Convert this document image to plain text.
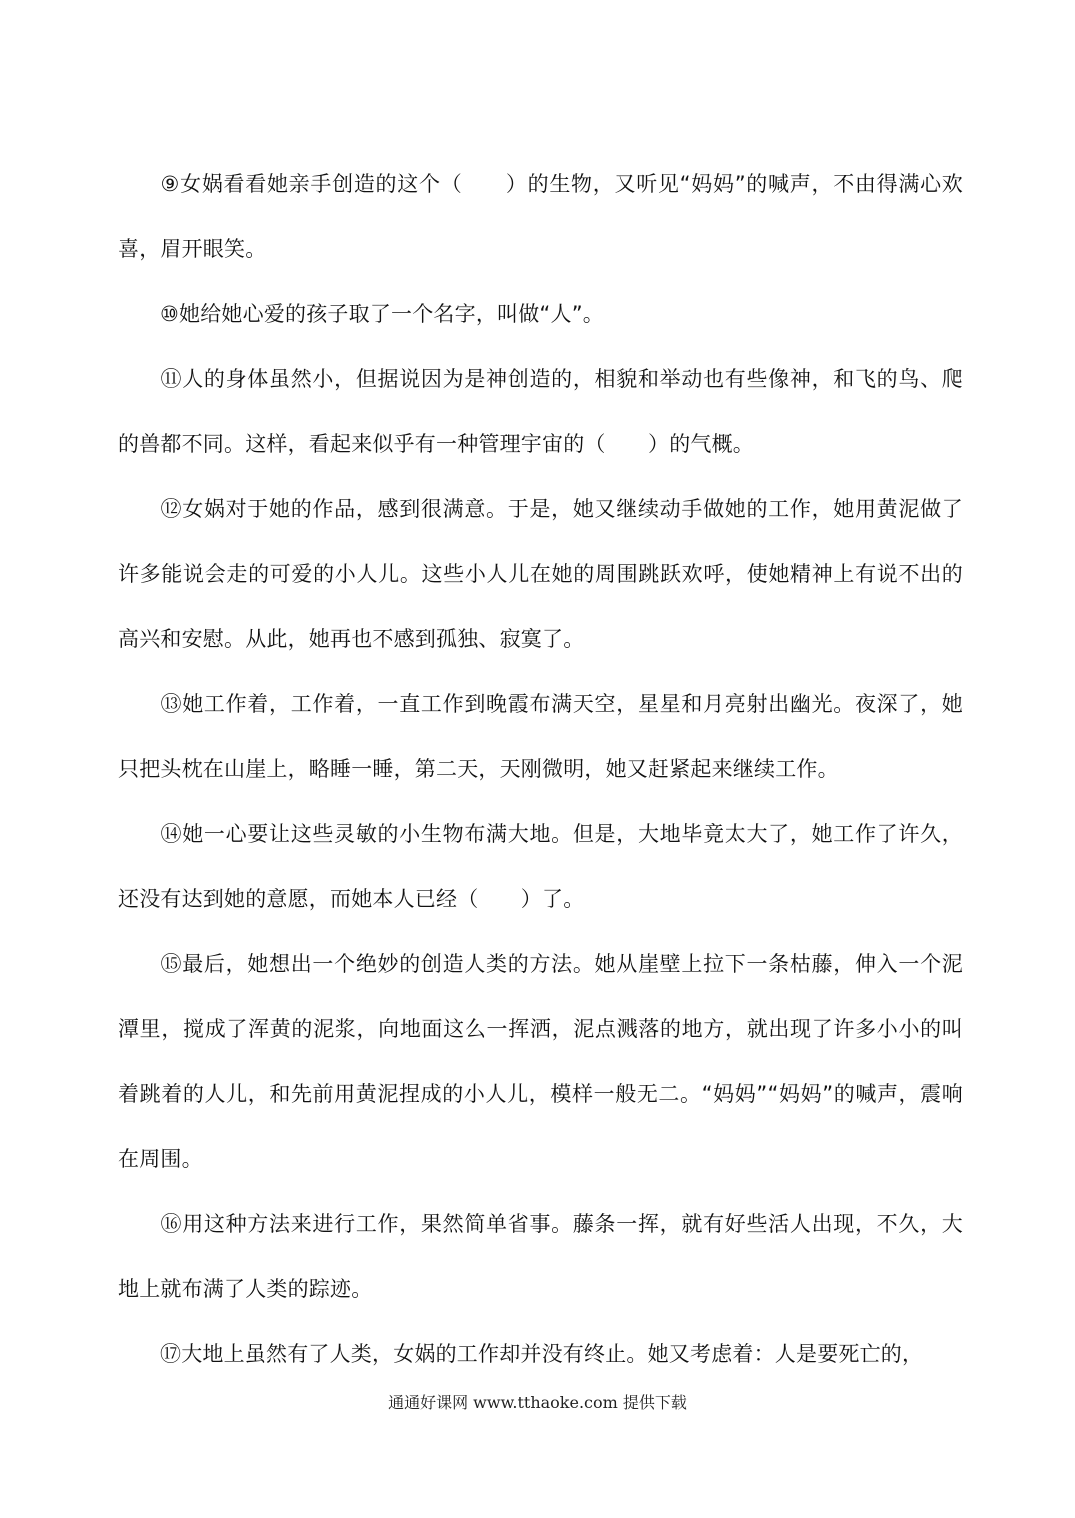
⑨女娲看看她亲手创造的这个（　　）的生物，又听见“妈妈”的喊声，不由得满心欢喜，眉开眼笑。

⑩她给她心爱的孩子取了一个名字，叫做“人”。

⑪人的身体虽然小，但据说因为是神创造的，相貌和举动也有些像神，和飞的鸟、爬的兽都不同。这样，看起来似乎有一种管理宇宙的（　　）的气概。

⑫女娲对于她的作品，感到很满意。于是，她又继续动手做她的工作，她用黄泥做了许多能说会走的可爱的小人儿。这些小人儿在她的周围跳跃欢呼，使她精神上有说不出的高兴和安慰。从此，她再也不感到孤独、寂寞了。

⑬她工作着，工作着，一直工作到晚霞布满天空，星星和月亮射出幽光。夜深了，她只把头枕在山崖上，略睡一睡，第二天，天刚微明，她又赶紧起来继续工作。

⑭她一心要让这些灵敏的小生物布满大地。但是，大地毕竟太大了，她工作了许久，还没有达到她的意愿，而她本人已经（　　）了。

⑮最后，她想出一个绝妙的创造人类的方法。她从崖壁上拉下一条枯藤，伸入一个泥潭里，搅成了浑黄的泥浆，向地面这么一挥洒，泥点溅落的地方，就出现了许多小小的叫着跳着的人儿，和先前用黄泥捏成的小人儿，模样一般无二。“妈妈”“妈妈”的喊声，震响在周围。

⑯用这种方法来进行工作，果然简单省事。藤条一挥，就有好些活人出现，不久，大地上就布满了人类的踪迹。

⑰大地上虽然有了人类，女娲的工作却并没有终止。她又考虑着：人是要死亡的，

通通好课网 www.tthaoke.com 提供下载
